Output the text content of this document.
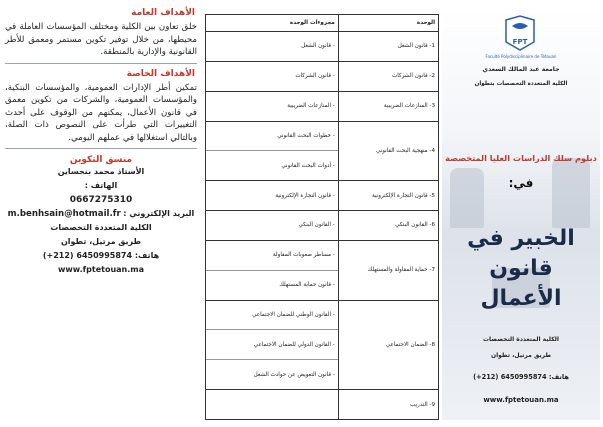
الأهداف العامة
خلق تعاون بين الكلية ومختلف المؤسسات العاملة في محيطها، من خلال توفير تكوين مستمر ومعمق للأطر القانونية والإدارية بالمنطقة.
الأهداف الخاصة
تمكين أطر الإدارات العمومية، والمؤسسات البنكية، والمؤسسات العمومية، والشركات من تكوين معمق في قانون الأعمال، يمكنهم من الوقوف على أحدث التغييرات التي طرأت على النصوص ذات الصلة، وبالتالي استغلالها في عملهم اليومي.
منسق التكوين
الأستاذ محمد بنحساين
الهاتف :
0667275310
البريد الإلكتروني : m.benhsain@hotmail.fr
الكلية المتعددة التخصصات
طريق مرتيل، تطوان
هاتف: 6450995874 (212+)
www.fptetouan.ma
الوحدة	مجزوءات الوحدة
1- قانون الشغل	- قانون الشغل

2- قانون الشركات	- قانون الشركات

3- المنازعات الضريبية	- المنازعات الضريبية

4- منهجية البحث القانوني	- خطوات البحث القانوني
- أدوات البحث القانوني

5- قانون التجارة الإلكترونية	- قانون التجارة الإلكترونية

6- القانون البنكي	- القانون البنكي

7- حماية المقاولة والمستهلك	- مساطر صعوبات المقاولة
- قانون حماية المستهلك

8- الضمان الاجتماعي	- القانون الوطني للضمان الاجتماعي
- القانون الدولي للضمان الاجتماعي
- قانون التعويض عن حوادث الشغل

9- التدريب	
FPT
Faculté Polydisciplinaire de Tétouan
جامعة عبد المالك السعدي
الكلية المتعددة التخصصات بتطوان
دبلوم سلك الدراسات العليا المتخصصة
في:
الخبير في قانون
الأعمال
الكلية المتعددة التخصصات
طريق مرتيل، تطوان
هاتف: 6450995874 (212+)
www.fptetouan.ma
